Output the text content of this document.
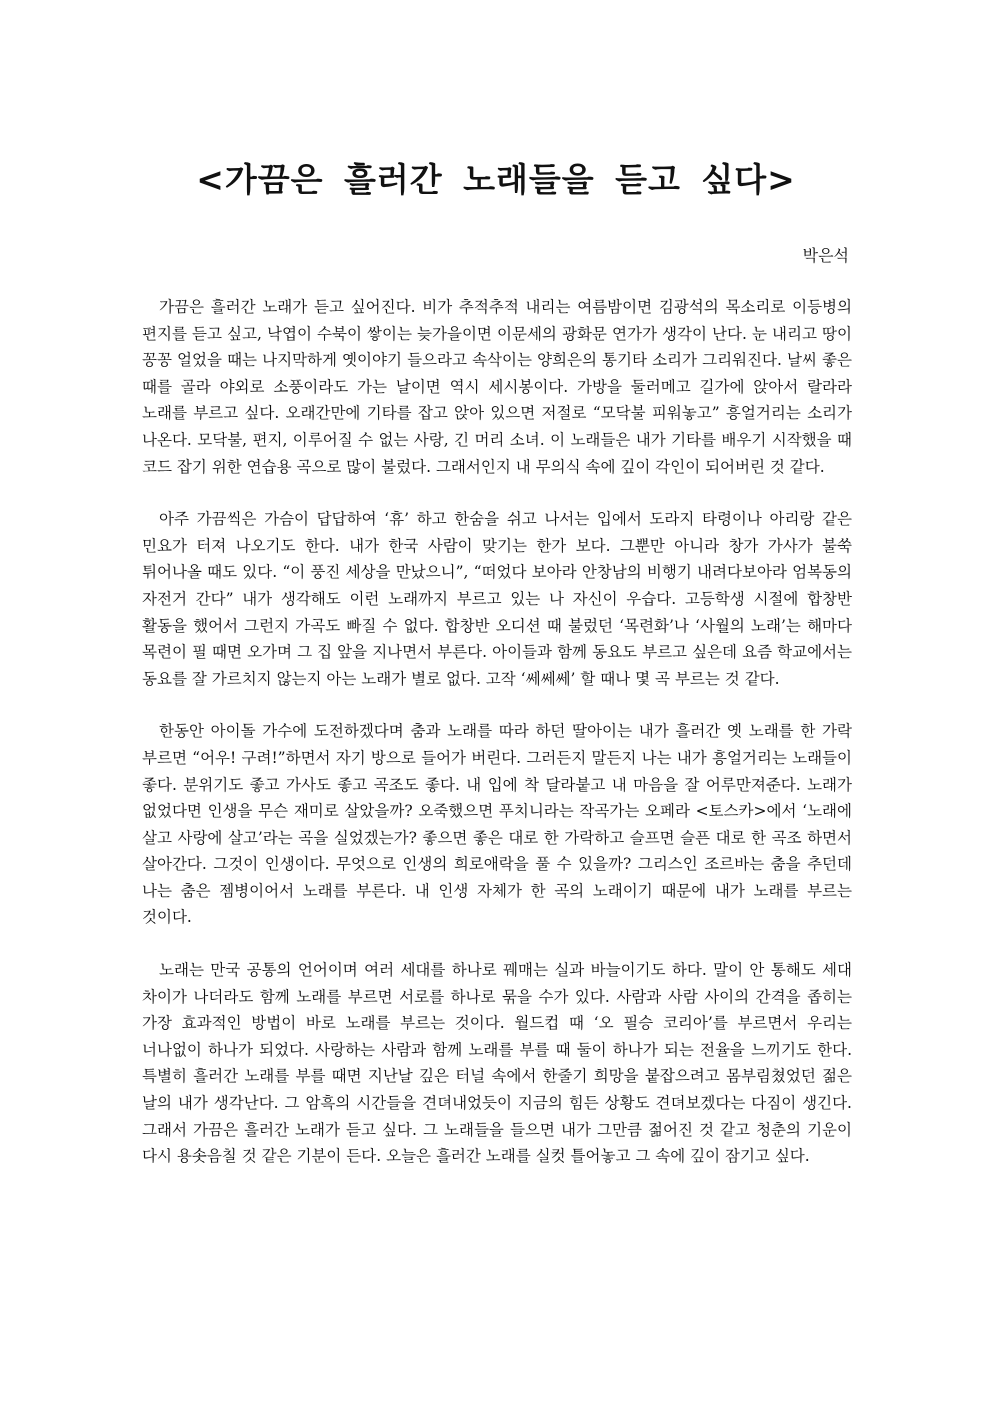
<가끔은 흘러간 노래들을 듣고 싶다>

박은석

가끔은 흘러간 노래가 듣고 싶어진다. 비가 추적추적 내리는 여름밤이면 김광석의 목소리로 이등병의 편지를 듣고 싶고, 낙엽이 수북이 쌓이는 늦가을이면 이문세의 광화문 연가가 생각이 난다. 눈 내리고 땅이 꽁꽁 얼었을 때는 나지막하게 옛이야기 들으라고 속삭이는 양희은의 통기타 소리가 그리워진다. 날씨 좋은 때를 골라 야외로 소풍이라도 가는 날이면 역시 세시봉이다. 가방을 둘러메고 길가에 앉아서 랄라라 노래를 부르고 싶다. 오래간만에 기타를 잡고 앉아 있으면 저절로 “모닥불 피워놓고” 흥얼거리는 소리가 나온다. 모닥불, 편지, 이루어질 수 없는 사랑, 긴 머리 소녀. 이 노래들은 내가 기타를 배우기 시작했을 때 코드 잡기 위한 연습용 곡으로 많이 불렀다. 그래서인지 내 무의식 속에 깊이 각인이 되어버린 것 같다.

아주 가끔씩은 가슴이 답답하여 ‘휴’ 하고 한숨을 쉬고 나서는 입에서 도라지 타령이나 아리랑 같은 민요가 터져 나오기도 한다. 내가 한국 사람이 맞기는 한가 보다. 그뿐만 아니라 창가 가사가 불쑥 튀어나올 때도 있다. “이 풍진 세상을 만났으니”, “떠었다 보아라 안창남의 비행기 내려다보아라 엄복동의 자전거 간다” 내가 생각해도 이런 노래까지 부르고 있는 나 자신이 우습다. 고등학생 시절에 합창반 활동을 했어서 그런지 가곡도 빠질 수 없다. 합창반 오디션 때 불렀던 ‘목련화’나 ‘사월의 노래’는 해마다 목련이 필 때면 오가며 그 집 앞을 지나면서 부른다. 아이들과 함께 동요도 부르고 싶은데 요즘 학교에서는 동요를 잘 가르치지 않는지 아는 노래가 별로 없다. 고작 ‘쎄쎄쎄’ 할 때나 몇 곡 부르는 것 같다.

한동안 아이돌 가수에 도전하겠다며 춤과 노래를 따라 하던 딸아이는 내가 흘러간 옛 노래를 한 가락 부르면 “어우! 구려!”하면서 자기 방으로 들어가 버린다. 그러든지 말든지 나는 내가 흥얼거리는 노래들이 좋다. 분위기도 좋고 가사도 좋고 곡조도 좋다. 내 입에 착 달라붙고 내 마음을 잘 어루만져준다. 노래가 없었다면 인생을 무슨 재미로 살았을까? 오죽했으면 푸치니라는 작곡가는 오페라 <토스카>에서 ‘노래에 살고 사랑에 살고’라는 곡을 실었겠는가? 좋으면 좋은 대로 한 가락하고 슬프면 슬픈 대로 한 곡조 하면서 살아간다. 그것이 인생이다. 무엇으로 인생의 희로애락을 풀 수 있을까? 그리스인 조르바는 춤을 추던데 나는 춤은 젬병이어서 노래를 부른다. 내 인생 자체가 한 곡의 노래이기 때문에 내가 노래를 부르는 것이다.

노래는 만국 공통의 언어이며 여러 세대를 하나로 꿰매는 실과 바늘이기도 하다. 말이 안 통해도 세대 차이가 나더라도 함께 노래를 부르면 서로를 하나로 묶을 수가 있다. 사람과 사람 사이의 간격을 좁히는 가장 효과적인 방법이 바로 노래를 부르는 것이다. 월드컵 때 ‘오 필승 코리아’를 부르면서 우리는 너나없이 하나가 되었다. 사랑하는 사람과 함께 노래를 부를 때 둘이 하나가 되는 전율을 느끼기도 한다. 특별히 흘러간 노래를 부를 때면 지난날 깊은 터널 속에서 한줄기 희망을 붙잡으려고 몸부림쳤었던 젊은 날의 내가 생각난다. 그 암흑의 시간들을 견뎌내었듯이 지금의 힘든 상황도 견뎌보겠다는 다짐이 생긴다. 그래서 가끔은 흘러간 노래가 듣고 싶다. 그 노래들을 들으면 내가 그만큼 젊어진 것 같고 청춘의 기운이 다시 용솟음칠 것 같은 기분이 든다. 오늘은 흘러간 노래를 실컷 틀어놓고 그 속에 깊이 잠기고 싶다.
